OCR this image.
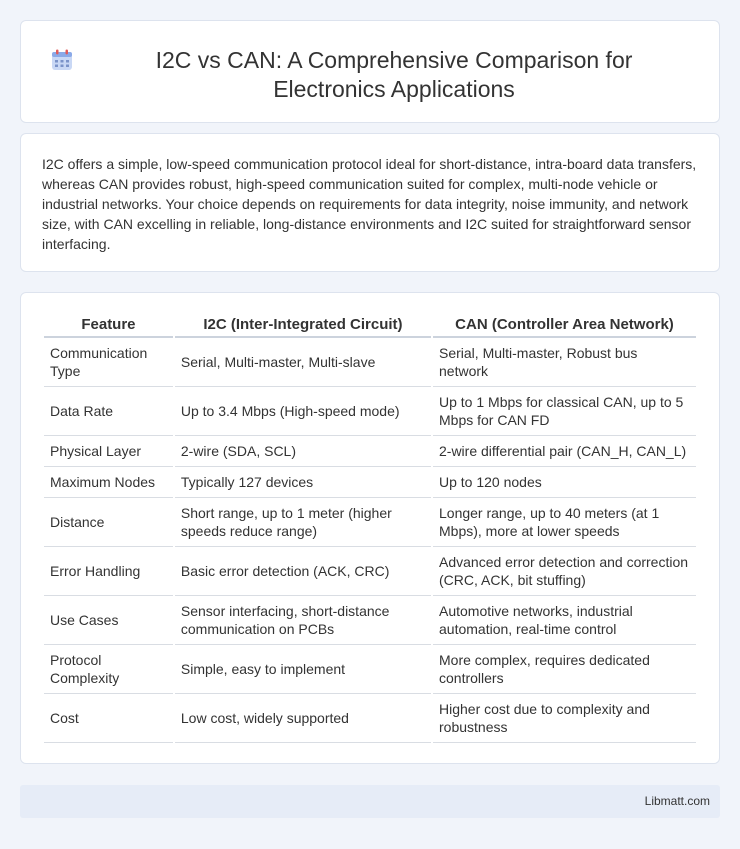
I2C vs CAN: A Comprehensive Comparison for Electronics Applications

I2C offers a simple, low-speed communication protocol ideal for short-distance, intra-board data transfers, whereas CAN provides robust, high-speed communication suited for complex, multi-node vehicle or industrial networks. Your choice depends on requirements for data integrity, noise immunity, and network size, with CAN excelling in reliable, long-distance environments and I2C suited for straightforward sensor interfacing.

Feature	I2C (Inter-Integrated Circuit)	CAN (Controller Area Network)
Communication Type	Serial, Multi-master, Multi-slave	Serial, Multi-master, Robust bus network
Data Rate	Up to 3.4 Mbps (High-speed mode)	Up to 1 Mbps for classical CAN, up to 5 Mbps for CAN FD
Physical Layer	2-wire (SDA, SCL)	2-wire differential pair (CAN_H, CAN_L)
Maximum Nodes	Typically 127 devices	Up to 120 nodes
Distance	Short range, up to 1 meter (higher speeds reduce range)	Longer range, up to 40 meters (at 1 Mbps), more at lower speeds
Error Handling	Basic error detection (ACK, CRC)	Advanced error detection and correction (CRC, ACK, bit stuffing)
Use Cases	Sensor interfacing, short-distance communication on PCBs	Automotive networks, industrial automation, real-time control
Protocol Complexity	Simple, easy to implement	More complex, requires dedicated controllers
Cost	Low cost, widely supported	Higher cost due to complexity and robustness
Libmatt.com
